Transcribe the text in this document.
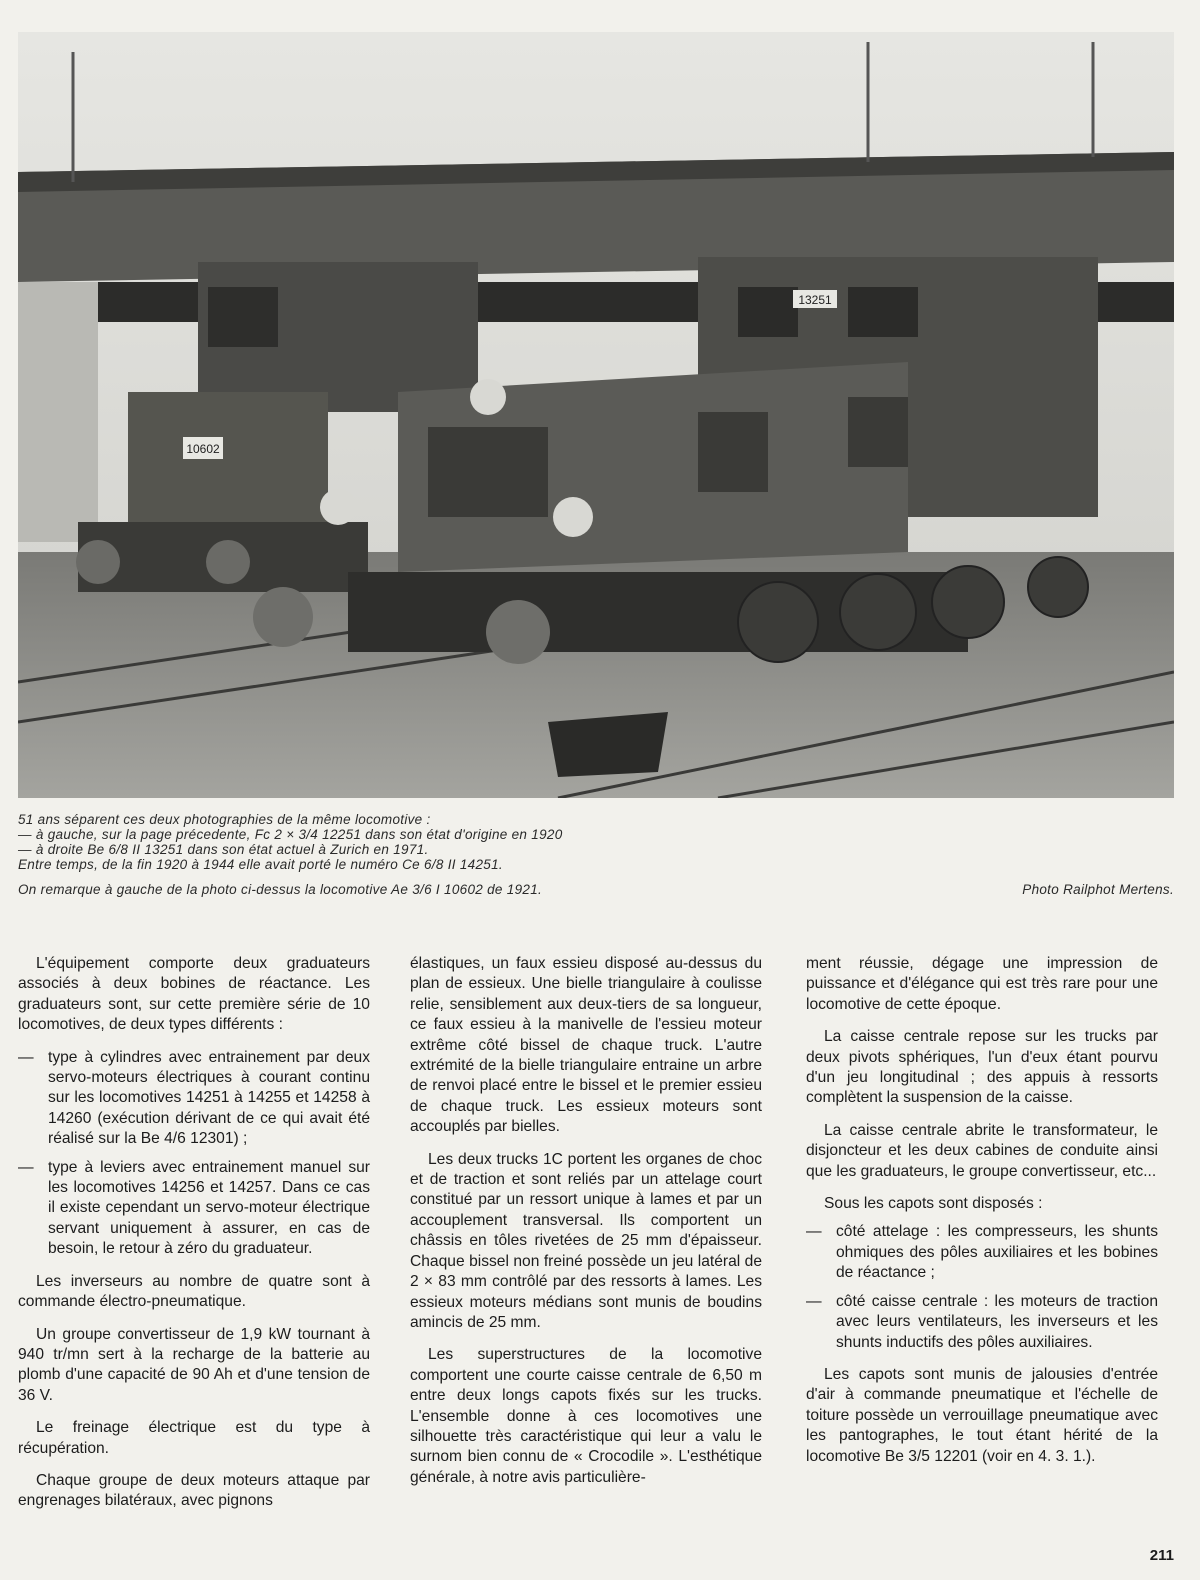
10602
13251
51 ans séparent ces deux photographies de la même locomotive :
— à gauche, sur la page précedente, Fc 2 × 3/4 12251 dans son état d'origine en 1920
— à droite Be 6/8 II 13251 dans son état actuel à Zurich en 1971.
Entre temps, de la fin 1920 à 1944 elle avait porté le numéro Ce 6/8 II 14251.
On remarque à gauche de la photo ci-dessus la locomotive Ae 3/6 I 10602 de 1921.	Photo Railphot Mertens.

L'équipement comporte deux graduateurs associés à deux bobines de réactance. Les graduateurs sont, sur cette première série de 10 locomotives, de deux types différents :

— type à cylindres avec entrainement par deux servo-moteurs électriques à courant continu sur les locomotives 14251 à 14255 et 14258 à 14260 (exécution dérivant de ce qui avait été réalisé sur la Be 4/6 12301) ;
— type à leviers avec entrainement manuel sur les locomotives 14256 et 14257. Dans ce cas il existe cependant un servo-moteur électrique servant uniquement à assurer, en cas de besoin, le retour à zéro du graduateur.

Les inverseurs au nombre de quatre sont à commande électro-pneumatique.

Un groupe convertisseur de 1,9 kW tournant à 940 tr/mn sert à la recharge de la batterie au plomb d'une capacité de 90 Ah et d'une tension de 36 V.

Le freinage électrique est du type à récupération.

Chaque groupe de deux moteurs attaque par engrenages bilatéraux, avec pignons

élastiques, un faux essieu disposé au-dessus du plan de essieux. Une bielle triangulaire à coulisse relie, sensiblement aux deux-tiers de sa longueur, ce faux essieu à la manivelle de l'essieu moteur extrême côté bissel de chaque truck. L'autre extrémité de la bielle triangulaire entraine un arbre de renvoi placé entre le bissel et le premier essieu de chaque truck. Les essieux moteurs sont accouplés par bielles.

Les deux trucks 1C portent les organes de choc et de traction et sont reliés par un attelage court constitué par un ressort unique à lames et par un accouplement transversal. Ils comportent un châssis en tôles rivetées de 25 mm d'épaisseur. Chaque bissel non freiné possède un jeu latéral de 2 × 83 mm contrôlé par des ressorts à lames. Les essieux moteurs médians sont munis de boudins amincis de 25 mm.

Les superstructures de la locomotive comportent une courte caisse centrale de 6,50 m entre deux longs capots fixés sur les trucks. L'ensemble donne à ces locomotives une silhouette très caractéristique qui leur a valu le surnom bien connu de « Crocodile ». L'esthétique générale, à notre avis particulière-

ment réussie, dégage une impression de puissance et d'élégance qui est très rare pour une locomotive de cette époque.

La caisse centrale repose sur les trucks par deux pivots sphériques, l'un d'eux étant pourvu d'un jeu longitudinal ; des appuis à ressorts complètent la suspension de la caisse.

La caisse centrale abrite le transformateur, le disjoncteur et les deux cabines de conduite ainsi que les graduateurs, le groupe convertisseur, etc...

Sous les capots sont disposés :

— côté attelage : les compresseurs, les shunts ohmiques des pôles auxiliaires et les bobines de réactance ;
— côté caisse centrale : les moteurs de traction avec leurs ventilateurs, les inverseurs et les shunts inductifs des pôles auxiliaires.

Les capots sont munis de jalousies d'entrée d'air à commande pneumatique et l'échelle de toiture possède un verrouillage pneumatique avec les pantographes, le tout étant hérité de la locomotive Be 3/5 12201 (voir en 4. 3. 1.).

211
